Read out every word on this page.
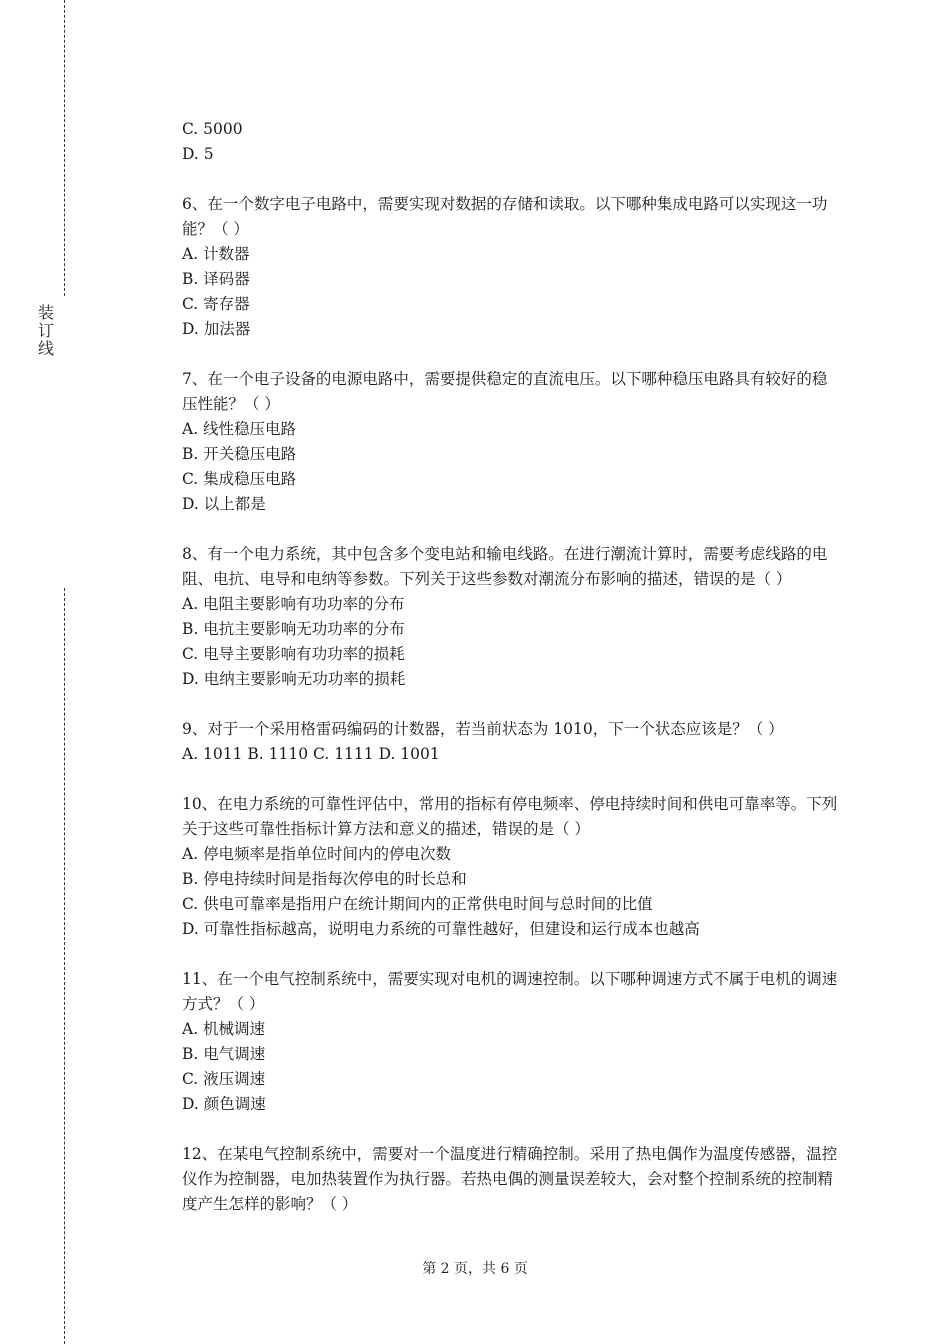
装
订
线
C. 5000
D. 5
6、在一个数字电子电路中，需要实现对数据的存储和读取。以下哪种集成电路可以实现这一功能？（ ）
A. 计数器
B. 译码器
C. 寄存器
D. 加法器
7、在一个电子设备的电源电路中，需要提供稳定的直流电压。以下哪种稳压电路具有较好的稳压性能？（ ）
A. 线性稳压电路
B. 开关稳压电路
C. 集成稳压电路
D. 以上都是
8、有一个电力系统，其中包含多个变电站和输电线路。在进行潮流计算时，需要考虑线路的电阻、电抗、电导和电纳等参数。下列关于这些参数对潮流分布影响的描述，错误的是（ ）
A. 电阻主要影响有功功率的分布
B. 电抗主要影响无功功率的分布
C. 电导主要影响有功功率的损耗
D. 电纳主要影响无功功率的损耗
9、对于一个采用格雷码编码的计数器，若当前状态为 1010，下一个状态应该是？（ ）
A. 1011 B. 1110 C. 1111 D. 1001
10、在电力系统的可靠性评估中，常用的指标有停电频率、停电持续时间和供电可靠率等。下列关于这些可靠性指标计算方法和意义的描述，错误的是（ ）
A. 停电频率是指单位时间内的停电次数
B. 停电持续时间是指每次停电的时长总和
C. 供电可靠率是指用户在统计期间内的正常供电时间与总时间的比值
D. 可靠性指标越高，说明电力系统的可靠性越好，但建设和运行成本也越高
11、在一个电气控制系统中，需要实现对电机的调速控制。以下哪种调速方式不属于电机的调速方式？（ ）
A. 机械调速
B. 电气调速
C. 液压调速
D. 颜色调速
12、在某电气控制系统中，需要对一个温度进行精确控制。采用了热电偶作为温度传感器，温控仪作为控制器，电加热装置作为执行器。若热电偶的测量误差较大，会对整个控制系统的控制精度产生怎样的影响？（ ）
第 2 页，共 6 页
